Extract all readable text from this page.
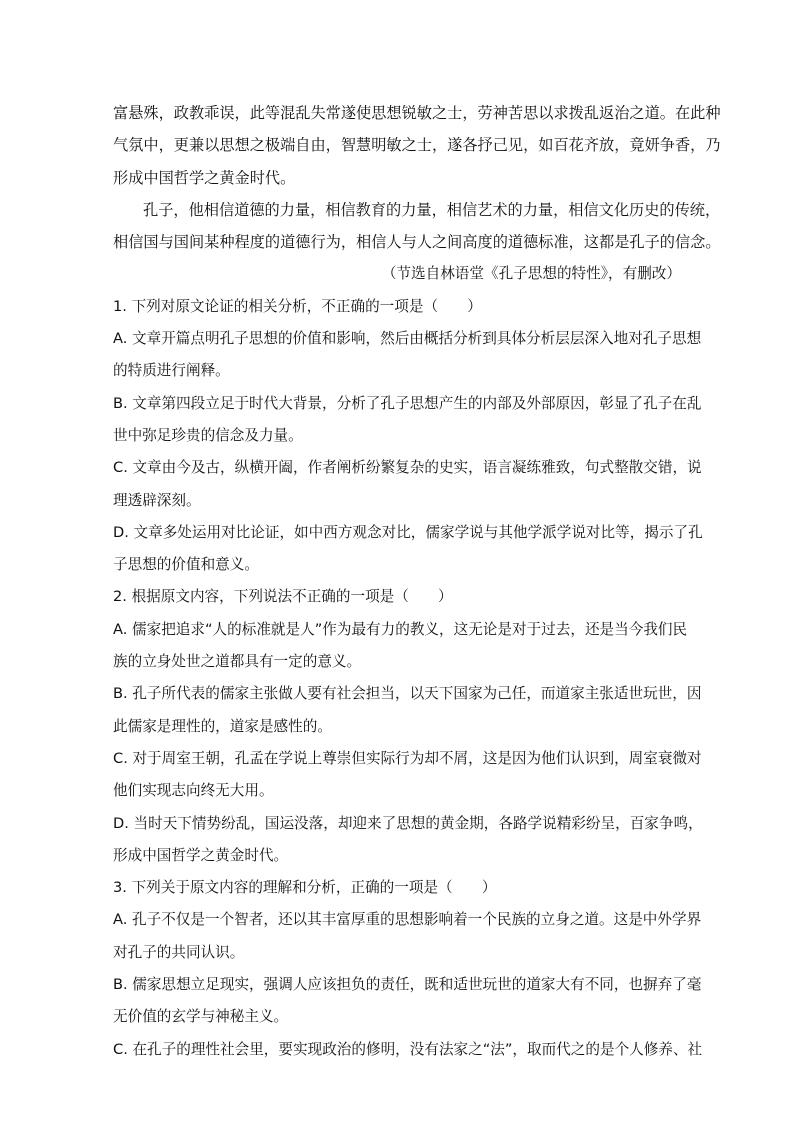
富悬殊，政教乖误，此等混乱失常遂使思想锐敏之士，劳神苦思以求拨乱返治之道。在此种

气氛中，更兼以思想之极端自由，智慧明敏之士，遂各抒己见，如百花齐放，竟妍争香，乃

形成中国哲学之黄金时代。

孔子，他相信道德的力量，相信教育的力量，相信艺术的力量，相信文化历史的传统，

相信国与国间某种程度的道德行为，相信人与人之间高度的道德标准，这都是孔子的信念。

（节选自林语堂《孔子思想的特性》，有删改）

1. 下列对原文论证的相关分析，不正确的一项是（　　）

A. 文章开篇点明孔子思想的价值和影响，然后由概括分析到具体分析层层深入地对孔子思想

的特质进行阐释。

B. 文章第四段立足于时代大背景，分析了孔子思想产生的内部及外部原因，彰显了孔子在乱

世中弥足珍贵的信念及力量。

C. 文章由今及古，纵横开阖，作者阐析纷繁复杂的史实，语言凝练雅致，句式整散交错，说

理透辟深刻。

D. 文章多处运用对比论证，如中西方观念对比，儒家学说与其他学派学说对比等，揭示了孔

子思想的价值和意义。

2. 根据原文内容，下列说法不正确的一项是（　　）

A. 儒家把追求“人的标准就是人”作为最有力的教义，这无论是对于过去，还是当今我们民

族的立身处世之道都具有一定的意义。

B. 孔子所代表的儒家主张做人要有社会担当，以天下国家为己任，而道家主张适世玩世，因

此儒家是理性的，道家是感性的。

C. 对于周室王朝，孔孟在学说上尊崇但实际行为却不屑，这是因为他们认识到，周室衰微对

他们实现志向终无大用。

D. 当时天下情势纷乱，国运没落，却迎来了思想的黄金期，各路学说精彩纷呈，百家争鸣，

形成中国哲学之黄金时代。

3. 下列关于原文内容的理解和分析，正确的一项是（　　）

A. 孔子不仅是一个智者，还以其丰富厚重的思想影响着一个民族的立身之道。这是中外学界

对孔子的共同认识。

B. 儒家思想立足现实，强调人应该担负的责任，既和适世玩世的道家大有不同，也摒弃了毫

无价值的玄学与神秘主义。

C. 在孔子的理性社会里，要实现政治的修明，没有法家之“法”，取而代之的是个人修养、社
